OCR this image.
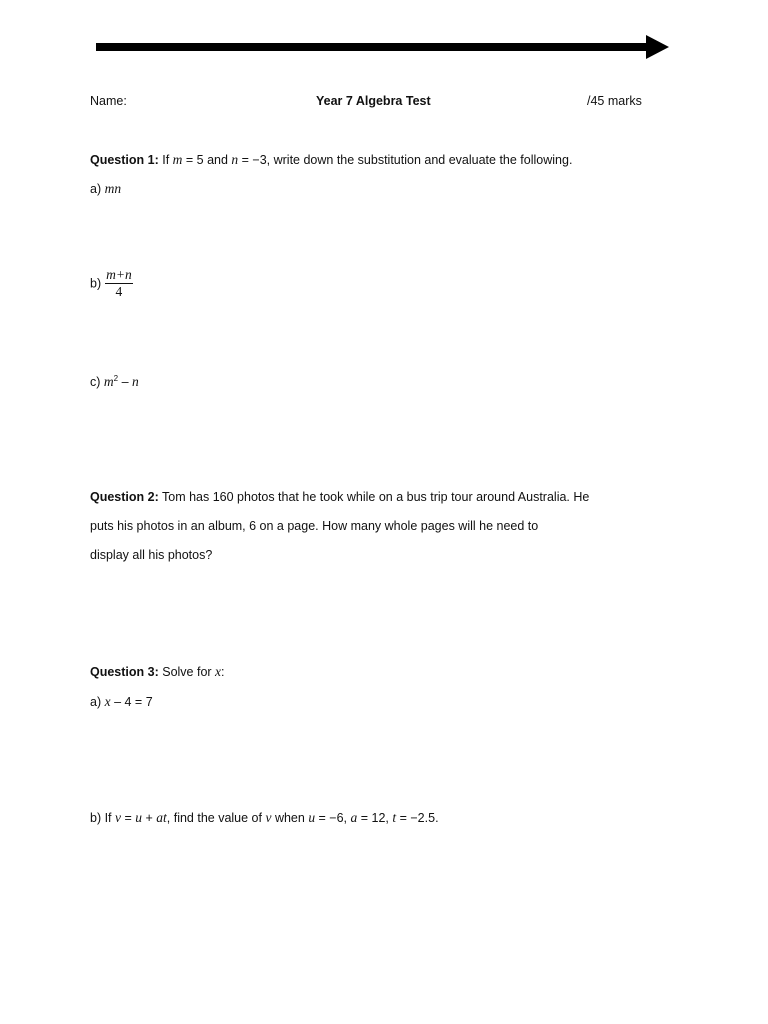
Name:	Year 7 Algebra Test	/45 marks
Question 1: If m = 5 and n = −3, write down the substitution and evaluate the following.
a) mn
$b) \frac{m+n}{4}$
c) $m^2$ – n
Question 2: Tom has 160 photos that he took while on a bus trip tour around Australia. He
puts his photos in an album, 6 on a page. How many whole pages will he need to
display all his photos?
Question 3: Solve for x:
a) x – 4 = 7
b) If v = u + at, find the value of v when u = −6, a = 12, t = −2.5.
